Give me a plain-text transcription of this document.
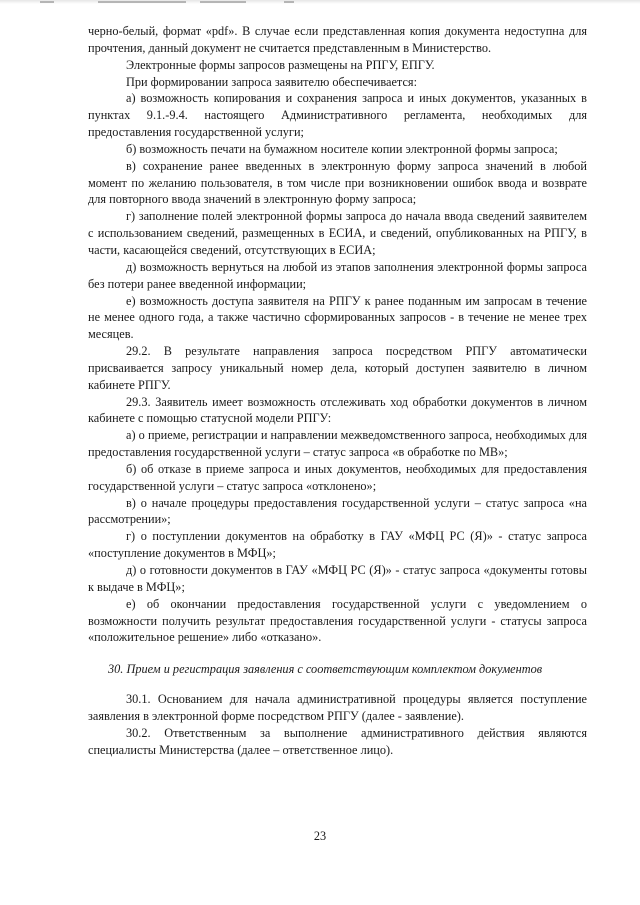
черно-белый, формат «pdf». В случае если представленная копия документа недоступна для прочтения, данный документ не считается представленным в Министерство.

Электронные формы запросов размещены на РПГУ, ЕПГУ.

При формировании запроса заявителю обеспечивается:

а) возможность копирования и сохранения запроса и иных документов, указанных в пунктах 9.1.-9.4. настоящего Административного регламента, необходимых для предоставления государственной услуги;

б) возможность печати на бумажном носителе копии электронной формы запроса;

в) сохранение ранее введенных в электронную форму запроса значений в любой момент по желанию пользователя, в том числе при возникновении ошибок ввода и возврате для повторного ввода значений в электронную форму запроса;

г) заполнение полей электронной формы запроса до начала ввода сведений заявителем с использованием сведений, размещенных в ЕСИА, и сведений, опубликованных на РПГУ, в части, касающейся сведений, отсутствующих в ЕСИА;

д) возможность вернуться на любой из этапов заполнения электронной формы запроса без потери ранее введенной информации;

е) возможность доступа заявителя на РПГУ к ранее поданным им запросам в течение не менее одного года, а также частично сформированных запросов - в течение не менее трех месяцев.

29.2. В результате направления запроса посредством РПГУ автоматически присваивается запросу уникальный номер дела, который доступен заявителю в личном кабинете РПГУ.

29.3. Заявитель имеет возможность отслеживать ход обработки документов в личном кабинете с помощью статусной модели РПГУ:

а) о приеме, регистрации и направлении межведомственного запроса, необходимых для предоставления государственной услуги – статус запроса «в обработке по МВ»;

б) об отказе в приеме запроса и иных документов, необходимых для предоставления государственной услуги – статус запроса «отклонено»;

в) о начале процедуры предоставления государственной услуги – статус запроса «на рассмотрении»;

г) о поступлении документов на обработку в ГАУ «МФЦ РС (Я)» - статус запроса «поступление документов в МФЦ»;

д) о готовности документов в ГАУ «МФЦ РС (Я)» - статус запроса «документы готовы к выдаче в МФЦ»;

е) об окончании предоставления государственной услуги с уведомлением о возможности получить результат предоставления государственной услуги - статусы запроса «положительное решение» либо «отказано».

30. Прием и регистрация заявления с соответствующим комплектом документов

30.1. Основанием для начала административной процедуры является поступление заявления в электронной форме посредством РПГУ (далее - заявление).

30.2. Ответственным за выполнение административного действия являются специалисты Министерства (далее – ответственное лицо).

23
